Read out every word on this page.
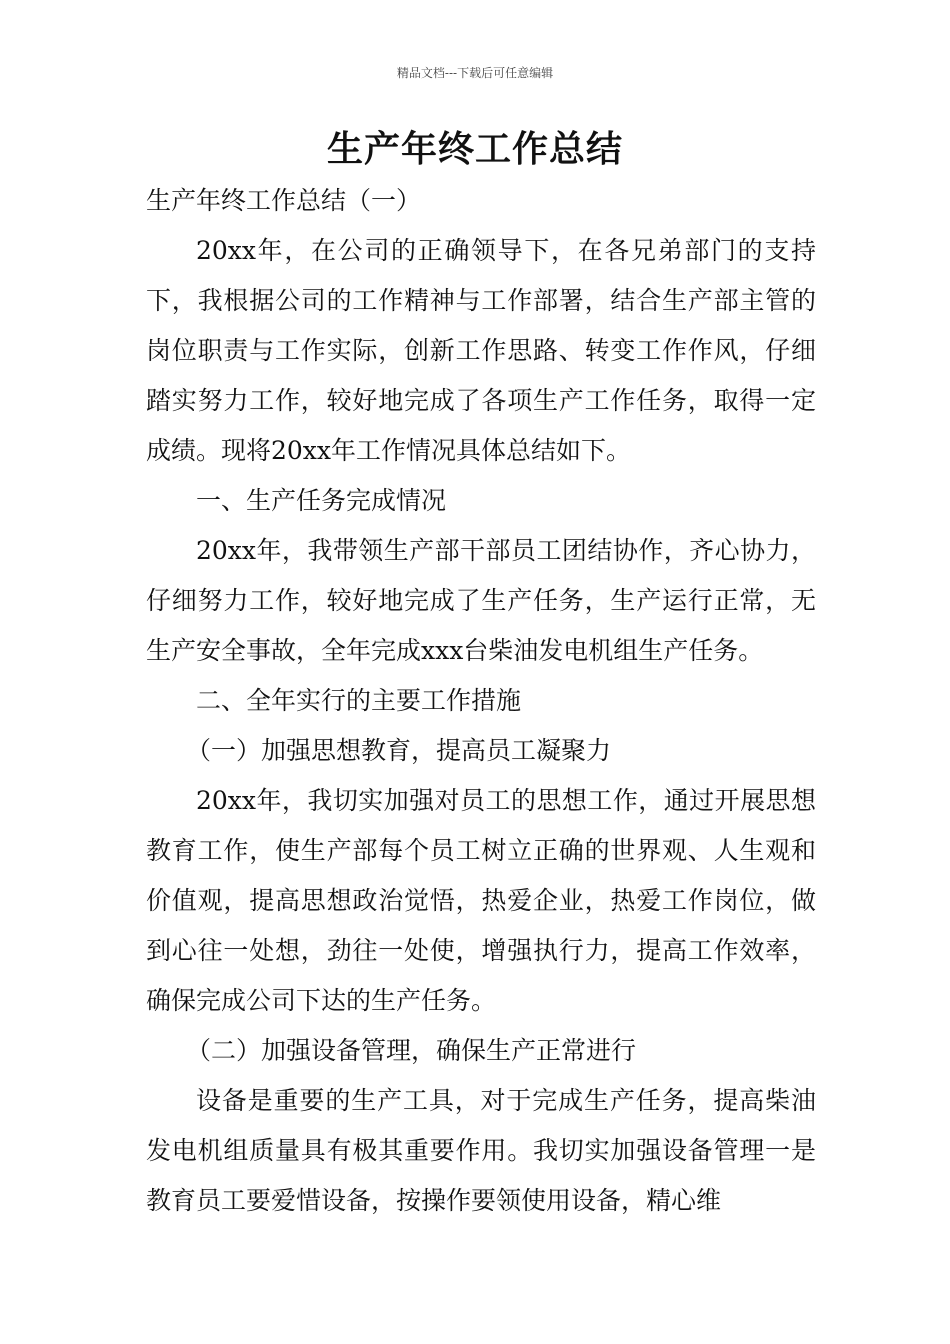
精品文档---下载后可任意编辑
生产年终工作总结

生产年终工作总结（一）

20xx年，在公司的正确领导下，在各兄弟部门的支持下，我根据公司的工作精神与工作部署，结合生产部主管的岗位职责与工作实际，创新工作思路、转变工作作风，仔细踏实努力工作，较好地完成了各项生产工作任务，取得一定成绩。现将20xx年工作情况具体总结如下。

一、生产任务完成情况

20xx年，我带领生产部干部员工团结协作，齐心协力，仔细努力工作，较好地完成了生产任务，生产运行正常，无生产安全事故，全年完成xxx台柴油发电机组生产任务。

二、全年实行的主要工作措施

（一）加强思想教育，提高员工凝聚力

20xx年，我切实加强对员工的思想工作，通过开展思想教育工作，使生产部每个员工树立正确的世界观、人生观和价值观，提高思想政治觉悟，热爱企业，热爱工作岗位，做到心往一处想，劲往一处使，增强执行力，提高工作效率，确保完成公司下达的生产任务。

（二）加强设备管理，确保生产正常进行

设备是重要的生产工具，对于完成生产任务，提高柴油发电机组质量具有极其重要作用。我切实加强设备管理一是教育员工要爱惜设备，按操作要领使用设备，精心维
